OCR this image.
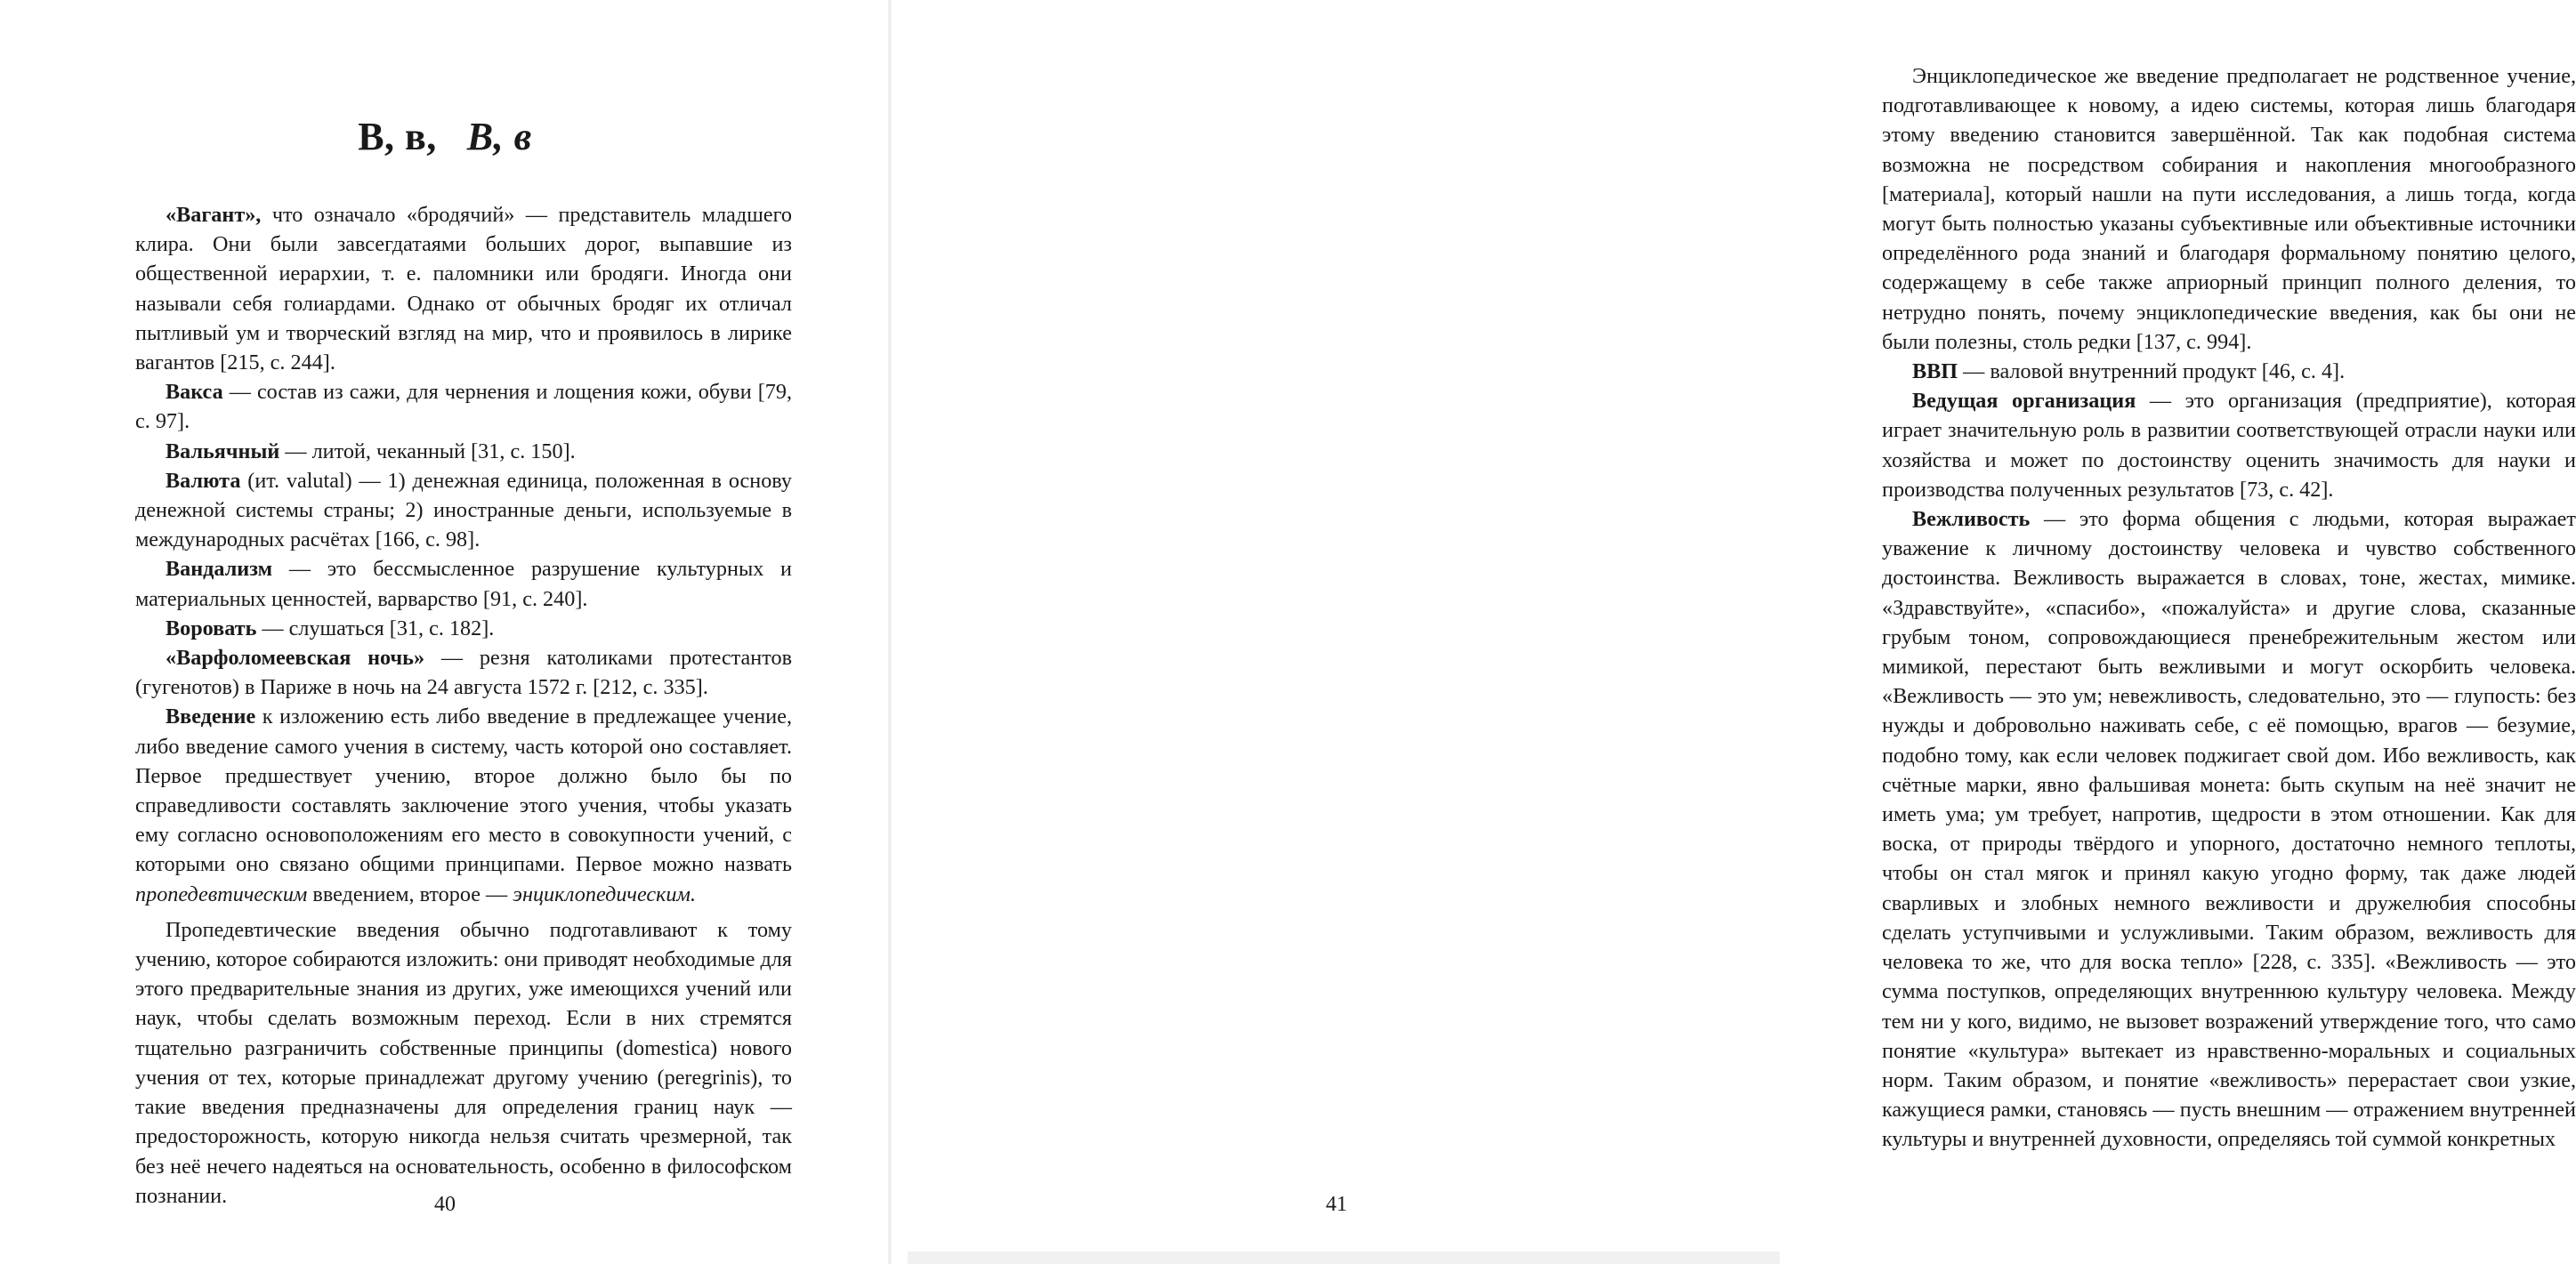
В, в, В, в

«Вагант», что означало «бродячий» — представитель младшего клира. Они были завсегдатаями больших дорог, выпавшие из общественной иерархии, т. е. паломники или бродяги. Иногда они называли себя голиардами. Однако от обычных бродяг их отличал пытливый ум и творческий взгляд на мир, что и проявилось в лирике вагантов [215, с. 244].

Вакса — состав из сажи, для чернения и лощения кожи, обуви [79, с. 97].

Вальячный — литой, чеканный [31, с. 150].

Валюта (ит. valutal) — 1) денежная единица, положенная в основу денежной системы страны; 2) иностранные деньги, используемые в международных расчётах [166, с. 98].

Вандализм — это бессмысленное разрушение культурных и материальных ценностей, варварство [91, с. 240].

Воровать — слушаться [31, с. 182].

«Варфоломеевская ночь» — резня католиками протестантов (гугенотов) в Париже в ночь на 24 августа 1572 г. [212, с. 335].

Введение к изложению есть либо введение в предлежащее учение, либо введение самого учения в систему, часть которой оно составляет. Первое предшествует учению, второе должно было бы по справедливости составлять заключение этого учения, чтобы указать ему согласно основоположениям его место в совокупности учений, с которыми оно связано общими принципами. Первое можно назвать пропедевтическим введением, второе — энциклопедическим.

Пропедевтические введения обычно подготавливают к тому учению, которое собираются изложить: они приводят необходимые для этого предварительные знания из других, уже имеющихся учений или наук, чтобы сделать возможным переход. Если в них стремятся тщательно разграничить собственные принципы (domestica) нового учения от тех, которые принадлежат другому учению (peregrinis), то такие введения предназначены для определения границ наук — предосторожность, которую никогда нельзя считать чрезмерной, так без неё нечего надеяться на основательность, особенно в философском познании.	40

Энциклопедическое же введение предполагает не родственное учение, подготавливающее к новому, а идею системы, которая лишь благодаря этому введению становится завершённой. Так как подобная система возможна не посредством собирания и накопления многообразного [материала], который нашли на пути исследования, а лишь тогда, когда могут быть полностью указаны субъективные или объективные источники определённого рода знаний и благодаря формальному понятию целого, содержащему в себе также априорный принцип полного деления, то нетрудно понять, почему энциклопедические введения, как бы они не были полезны, столь редки [137, с. 994].

ВВП — валовой внутренний продукт [46, с. 4].

Ведущая организация — это организация (предприятие), которая играет значительную роль в развитии соответствующей отрасли науки или хозяйства и может по достоинству оценить значимость для науки и производства полученных результатов [73, с. 42].

Вежливость — это форма общения с людьми, которая выражает уважение к личному достоинству человека и чувство собственного достоинства. Вежливость выражается в словах, тоне, жестах, мимике. «Здравствуйте», «спасибо», «пожалуйста» и другие слова, сказанные грубым тоном, сопровождающиеся пренебрежительным жестом или мимикой, перестают быть вежливыми и могут оскорбить человека. «Вежливость — это ум; невежливость, следовательно, это — глупость: без нужды и добровольно наживать себе, с её помощью, врагов — безумие, подобно тому, как если человек поджигает свой дом. Ибо вежливость, как счётные марки, явно фальшивая монета: быть скупым на неё значит не иметь ума; ум требует, напротив, щедрости в этом отношении. Как для воска, от природы твёрдого и упорного, достаточно немного теплоты, чтобы он стал мягок и принял какую угодно форму, так даже людей сварливых и злобных немного вежливости и дружелюбия способны сделать уступчивыми и услужливыми. Таким образом, вежливость для человека то же, что для воска тепло» [228, с. 335]. «Вежливость — это сумма поступков, определяющих внутреннюю культуру человека. Между тем ни у кого, видимо, не вызовет возражений утверждение того, что само понятие «культура» вытекает из нравственно-моральных и социальных норм. Таким образом, и понятие «вежливость» перерастает свои узкие, кажущиеся рамки, становясь — пусть внешним — отражением внутренней культуры и внутренней духовности, определяясь той суммой конкретных

41
